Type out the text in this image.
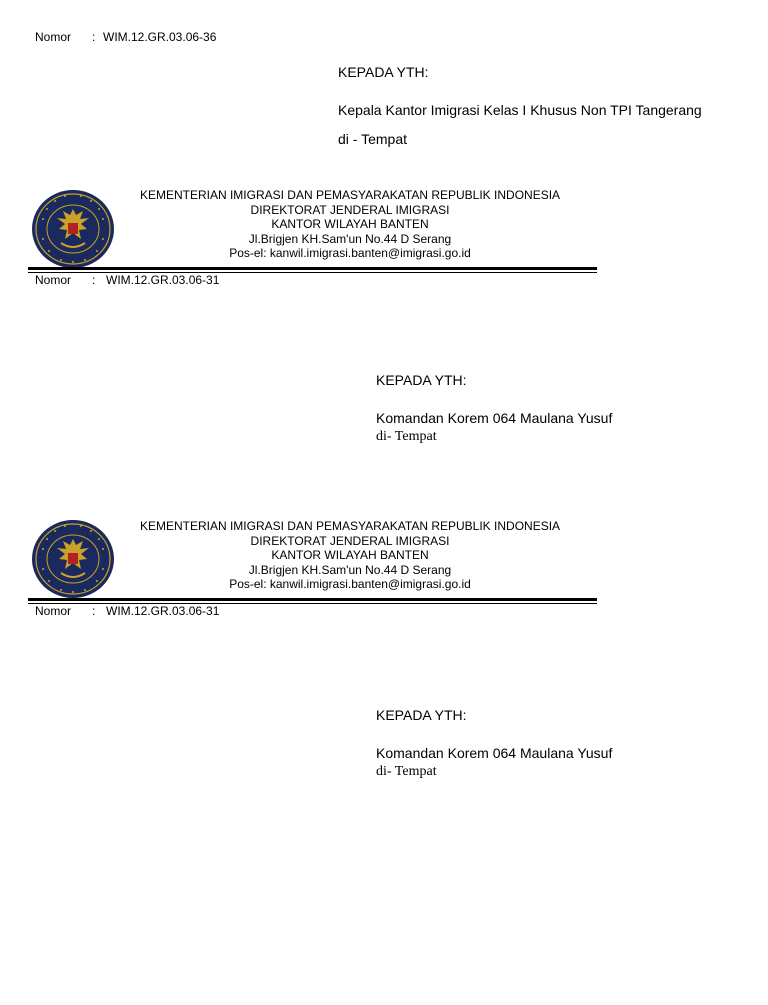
Nomor : WIM.12.GR.03.06-36
KEPADA YTH:
Kepala Kantor Imigrasi Kelas I Khusus Non TPI Tangerang
di - Tempat
KEMENTERIAN IMIGRASI DAN PEMASYARAKATAN REPUBLIK INDONESIA
DIREKTORAT JENDERAL IMIGRASI
KANTOR WILAYAH BANTEN
Jl.Brigjen KH.Sam'un No.44 D Serang
Pos-el: kanwil.imigrasi.banten@imigrasi.go.id
Nomor : WIM.12.GR.03.06-31
KEPADA YTH:
Komandan Korem 064 Maulana Yusuf
di- Tempat
KEMENTERIAN IMIGRASI DAN PEMASYARAKATAN REPUBLIK INDONESIA
DIREKTORAT JENDERAL IMIGRASI
KANTOR WILAYAH BANTEN
Jl.Brigjen KH.Sam'un No.44 D Serang
Pos-el: kanwil.imigrasi.banten@imigrasi.go.id
Nomor : WIM.12.GR.03.06-31
KEPADA YTH:
Komandan Korem 064 Maulana Yusuf
di- Tempat
